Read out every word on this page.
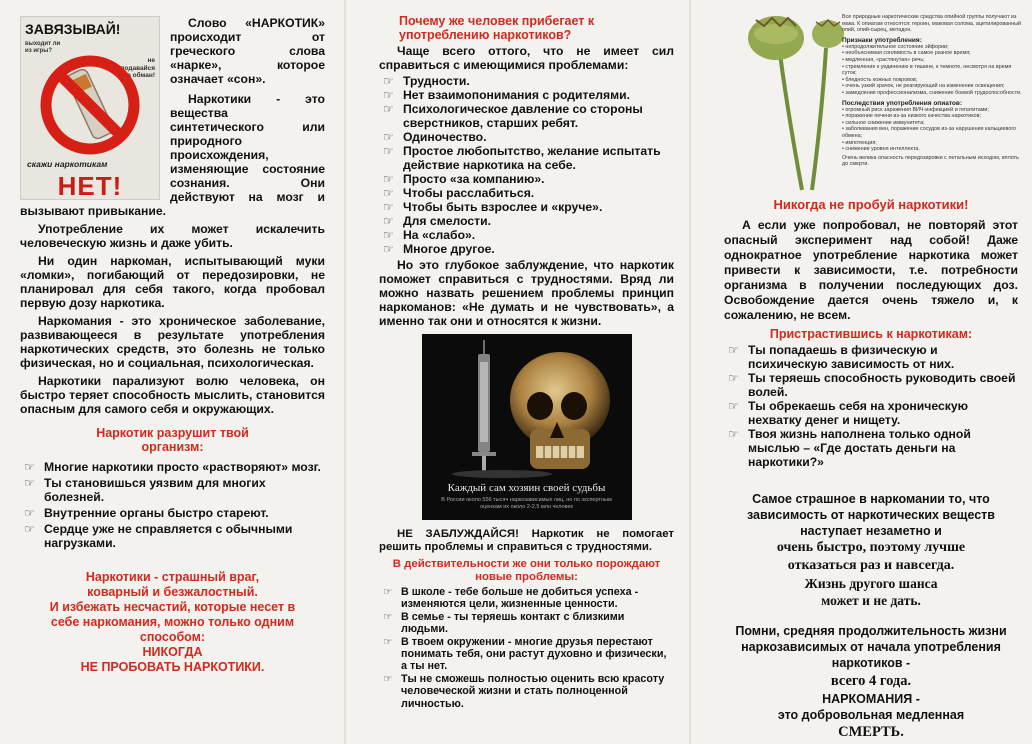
ЗАВЯЗЫВАЙ!
выходит ли из игры?
не подавайся на обман!
скажи наркотикам
НЕТ!

Слово «НАРКОТИК» происходит от греческого слова «нарке», которое означает «сон».

Наркотики - это вещества синтетического или природного происхождения, изменяющие состояние сознания. Они действуют на мозг и вызывают привыкание.

Употребление их может искалечить человеческую жизнь и даже убить.

Ни один наркоман, испытывающий муки «ломки», погибающий от передозировки, не планировал для себя такого, когда пробовал первую дозу наркотика.

Наркомания - это хроническое заболевание, развивающееся в результате употребления наркотических средств, это болезнь не только физическая, но и социальная, психологическая.

Наркотики парализуют волю человека, он быстро теряет способность мыслить, становится опасным для самого себя и окружающих.

Наркотик разрушит твой организм:

☞ Многие наркотики просто «растворяют» мозг.
☞ Ты становишься уязвим для многих болезней.
☞ Внутренние органы быстро стареют.
☞ Сердце уже не справляется с обычными нагрузками.
Наркотики - страшный враг, коварный и безжалостный.
И избежать несчастий, которые несет в себе наркомания, можно только одним способом:
НИКОГДА
НЕ ПРОБОВАТЬ НАРКОТИКИ.

Почему же человек прибегает к употреблению наркотиков?

Чаще всего оттого, что не имеет сил справиться с имеющимися проблемами:

☞ Трудности.
☞ Нет взаимопонимания с родителями.
☞ Психологическое давление со стороны сверстников, старших ребят.
☞ Одиночество.
☞ Простое любопытство, желание испытать действие наркотика на себе.
☞ Просто «за компанию».
☞ Чтобы расслабиться.
☞ Чтобы быть взрослее и «круче».
☞ Для смелости.
☞ На «слабо».
☞ Многое другое.

Но это глубокое заблуждение, что наркотик поможет справиться с трудностями. Вряд ли можно назвать решением проблемы принцип наркоманов: «Не думать и не чувствовать», а именно так они и относятся к жизни.

Каждый сам хозяин своей судьбы
В России около 556 тысяч наркозависимых лиц, но по экспертным оценкам их около 2-2,5 млн человек

НЕ ЗАБЛУЖДАЙСЯ! Наркотик не помогает решить проблемы и справиться с трудностями.

В действительности же они только порождают новые проблемы:

☞ В школе - тебе больше не добиться успеха - изменяются цели, жизненные ценности.
☞ В семье - ты теряешь контакт с близкими людьми.
☞ В твоем окружении - многие друзья перестают понимать тебя, они растут духовно и физически, а ты нет.
☞ Ты не сможешь полностью оценить всю красоту человеческой жизни и стать полноценной личностью.
Все природные наркотические средства опийной группы получают из мака. К опиатам относятся: героин, маковая солома, ацетилированный опий, опий-сырец, метадон.
Признаки употребления:
• непродолжительное состояние эйфории;
• необъяснимая сонливость в самое разное время;
• медленная, «растянутая» речь;
• стремление к уединению в тишине, к темноте, несмотря на время суток;
• бледность кожных покровов;
• очень узкий зрачок, не реагирующий на изменение освещения;
• замедление профессионализма, снижение боевой трудоспособности.
Последствия употребления опиатов:
• огромный риск заражения ВИЧ-инфекцией и гепатитами;
• поражение печени из-за низкого качества наркотиков;
• сильное снижение иммунитета;
• заболевания вен, поражение сосудов из-за нарушения кальциевого обмена;
• импотенция;
• снижение уровня интеллекта.
Очень велика опасность передозировки с летальным исходом, вплоть до смерти.

Никогда не пробуй наркотики!

А если уже попробовал, не повторяй этот опасный эксперимент над собой! Даже однократное употребление наркотика может привести к зависимости, т.е. потребности организма в получении последующих доз. Освобождение дается очень тяжело и, к сожалению, не всем.

Пристрастившись к наркотикам:

☞ Ты попадаешь в физическую и психическую зависимость от них.
☞ Ты теряешь способность руководить своей волей.
☞ Ты обрекаешь себя на хроническую нехватку денег и нищету.
☞ Твоя жизнь наполнена только одной мыслью – «Где достать деньги на наркотики?»
Самое страшное в наркомании то, что зависимость от наркотических веществ наступает незаметно и
очень быстро, поэтому лучше отказаться раз и навсегда.
Жизнь другого шанса может и не дать.
Помни, средняя продолжительность жизни наркозависимых от начала употребления наркотиков -
всего 4 года.
НАРКОМАНИЯ -
это добровольная медленная
СМЕРТЬ.
